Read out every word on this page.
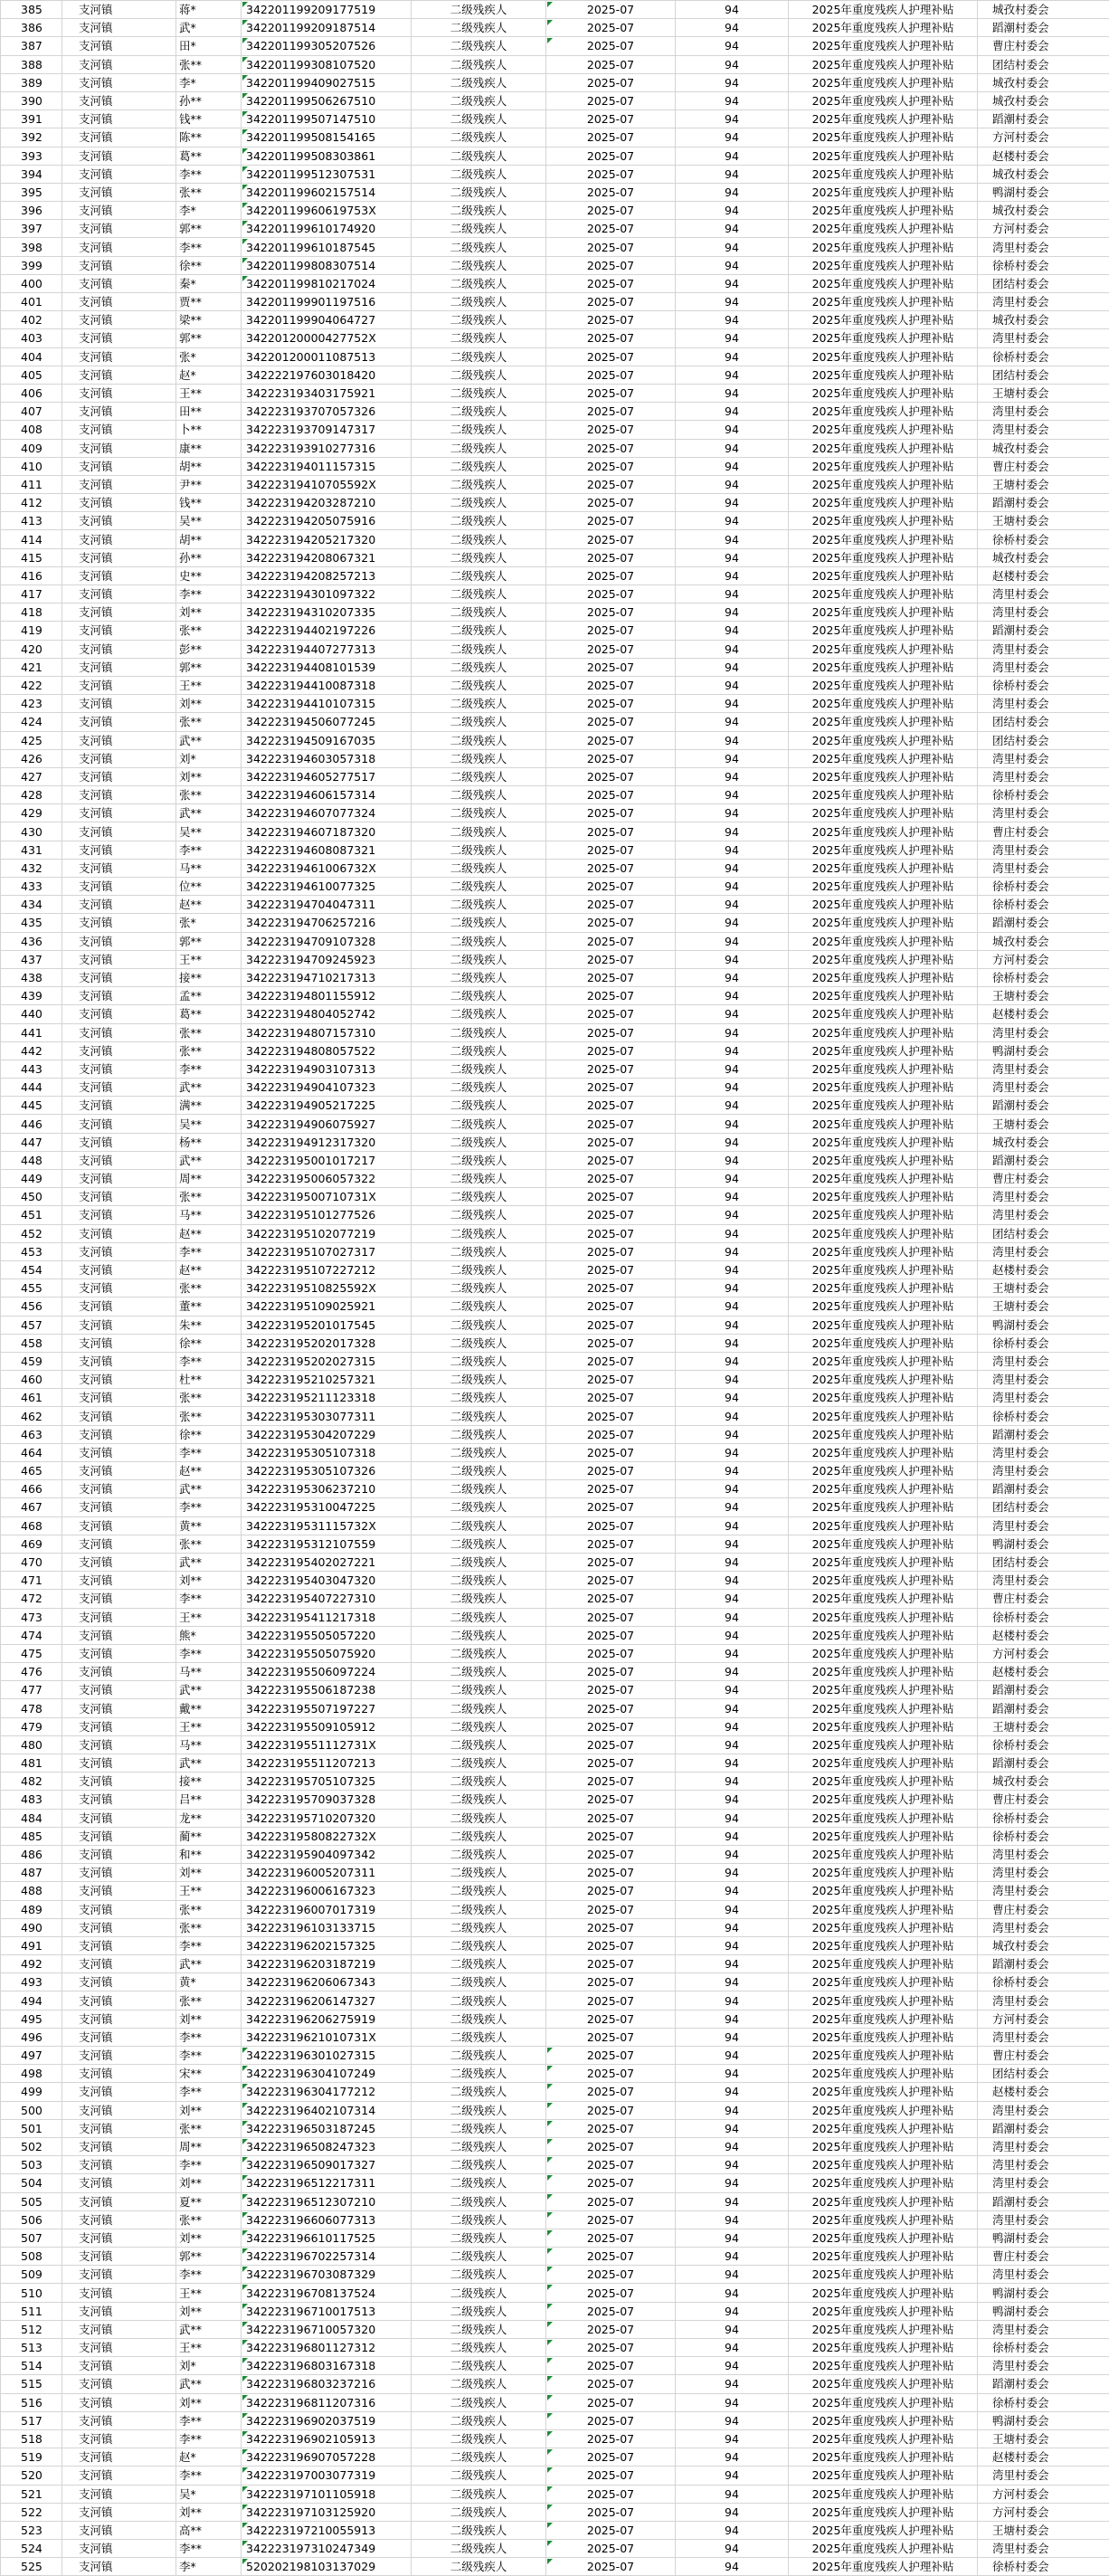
385	支河镇	蒋*	342201199209177519	二级残疾人	2025-07	94	2025年重度残疾人护理补贴	城孜村委会
386	支河镇	武*	342201199209187514	二级残疾人	2025-07	94	2025年重度残疾人护理补贴	蹈潮村委会
387	支河镇	田*	342201199305207526	二级残疾人	2025-07	94	2025年重度残疾人护理补贴	曹庄村委会
388	支河镇	张**	342201199308107520	二级残疾人	2025-07	94	2025年重度残疾人护理补贴	团结村委会
389	支河镇	李*	342201199409027515	二级残疾人	2025-07	94	2025年重度残疾人护理补贴	城孜村委会
390	支河镇	孙**	342201199506267510	二级残疾人	2025-07	94	2025年重度残疾人护理补贴	城孜村委会
391	支河镇	钱**	342201199507147510	二级残疾人	2025-07	94	2025年重度残疾人护理补贴	蹈潮村委会
392	支河镇	陈**	342201199508154165	二级残疾人	2025-07	94	2025年重度残疾人护理补贴	方河村委会
393	支河镇	葛**	342201199508303861	二级残疾人	2025-07	94	2025年重度残疾人护理补贴	赵楼村委会
394	支河镇	李**	342201199512307531	二级残疾人	2025-07	94	2025年重度残疾人护理补贴	城孜村委会
395	支河镇	张**	342201199602157514	二级残疾人	2025-07	94	2025年重度残疾人护理补贴	鸭湖村委会
396	支河镇	李*	34220119960619753X	二级残疾人	2025-07	94	2025年重度残疾人护理补贴	城孜村委会
397	支河镇	郭**	342201199610174920	二级残疾人	2025-07	94	2025年重度残疾人护理补贴	方河村委会
398	支河镇	李**	342201199610187545	二级残疾人	2025-07	94	2025年重度残疾人护理补贴	湾里村委会
399	支河镇	徐**	342201199808307514	二级残疾人	2025-07	94	2025年重度残疾人护理补贴	徐桥村委会
400	支河镇	秦*	342201199810217024	二级残疾人	2025-07	94	2025年重度残疾人护理补贴	团结村委会
401	支河镇	贾**	342201199901197516	二级残疾人	2025-07	94	2025年重度残疾人护理补贴	湾里村委会
402	支河镇	梁**	342201199904064727	二级残疾人	2025-07	94	2025年重度残疾人护理补贴	城孜村委会
403	支河镇	郭**	34220120000427752X	二级残疾人	2025-07	94	2025年重度残疾人护理补贴	湾里村委会
404	支河镇	张*	342201200011087513	二级残疾人	2025-07	94	2025年重度残疾人护理补贴	徐桥村委会
405	支河镇	赵*	342222197603018420	二级残疾人	2025-07	94	2025年重度残疾人护理补贴	团结村委会
406	支河镇	王**	342223193403175921	二级残疾人	2025-07	94	2025年重度残疾人护理补贴	王塘村委会
407	支河镇	田**	342223193707057326	二级残疾人	2025-07	94	2025年重度残疾人护理补贴	湾里村委会
408	支河镇	卜**	342223193709147317	二级残疾人	2025-07	94	2025年重度残疾人护理补贴	湾里村委会
409	支河镇	康**	342223193910277316	二级残疾人	2025-07	94	2025年重度残疾人护理补贴	城孜村委会
410	支河镇	胡**	342223194011157315	二级残疾人	2025-07	94	2025年重度残疾人护理补贴	曹庄村委会
411	支河镇	尹**	34222319410705592X	二级残疾人	2025-07	94	2025年重度残疾人护理补贴	王塘村委会
412	支河镇	钱**	342223194203287210	二级残疾人	2025-07	94	2025年重度残疾人护理补贴	蹈潮村委会
413	支河镇	吴**	342223194205075916	二级残疾人	2025-07	94	2025年重度残疾人护理补贴	王塘村委会
414	支河镇	胡**	342223194205217320	二级残疾人	2025-07	94	2025年重度残疾人护理补贴	徐桥村委会
415	支河镇	孙**	342223194208067321	二级残疾人	2025-07	94	2025年重度残疾人护理补贴	城孜村委会
416	支河镇	史**	342223194208257213	二级残疾人	2025-07	94	2025年重度残疾人护理补贴	赵楼村委会
417	支河镇	李**	342223194301097322	二级残疾人	2025-07	94	2025年重度残疾人护理补贴	湾里村委会
418	支河镇	刘**	342223194310207335	二级残疾人	2025-07	94	2025年重度残疾人护理补贴	湾里村委会
419	支河镇	张**	342223194402197226	二级残疾人	2025-07	94	2025年重度残疾人护理补贴	蹈潮村委会
420	支河镇	彭**	342223194407277313	二级残疾人	2025-07	94	2025年重度残疾人护理补贴	湾里村委会
421	支河镇	郭**	342223194408101539	二级残疾人	2025-07	94	2025年重度残疾人护理补贴	湾里村委会
422	支河镇	王**	342223194410087318	二级残疾人	2025-07	94	2025年重度残疾人护理补贴	徐桥村委会
423	支河镇	刘**	342223194410107315	二级残疾人	2025-07	94	2025年重度残疾人护理补贴	湾里村委会
424	支河镇	张**	342223194506077245	二级残疾人	2025-07	94	2025年重度残疾人护理补贴	团结村委会
425	支河镇	武**	342223194509167035	二级残疾人	2025-07	94	2025年重度残疾人护理补贴	团结村委会
426	支河镇	刘*	342223194603057318	二级残疾人	2025-07	94	2025年重度残疾人护理补贴	湾里村委会
427	支河镇	刘**	342223194605277517	二级残疾人	2025-07	94	2025年重度残疾人护理补贴	湾里村委会
428	支河镇	张**	342223194606157314	二级残疾人	2025-07	94	2025年重度残疾人护理补贴	徐桥村委会
429	支河镇	武**	342223194607077324	二级残疾人	2025-07	94	2025年重度残疾人护理补贴	湾里村委会
430	支河镇	吴**	342223194607187320	二级残疾人	2025-07	94	2025年重度残疾人护理补贴	曹庄村委会
431	支河镇	李**	342223194608087321	二级残疾人	2025-07	94	2025年重度残疾人护理补贴	湾里村委会
432	支河镇	马**	34222319461006732X	二级残疾人	2025-07	94	2025年重度残疾人护理补贴	湾里村委会
433	支河镇	位**	342223194610077325	二级残疾人	2025-07	94	2025年重度残疾人护理补贴	徐桥村委会
434	支河镇	赵**	342223194704047311	二级残疾人	2025-07	94	2025年重度残疾人护理补贴	徐桥村委会
435	支河镇	张*	342223194706257216	二级残疾人	2025-07	94	2025年重度残疾人护理补贴	蹈潮村委会
436	支河镇	郭**	342223194709107328	二级残疾人	2025-07	94	2025年重度残疾人护理补贴	城孜村委会
437	支河镇	王**	342223194709245923	二级残疾人	2025-07	94	2025年重度残疾人护理补贴	方河村委会
438	支河镇	接**	342223194710217313	二级残疾人	2025-07	94	2025年重度残疾人护理补贴	徐桥村委会
439	支河镇	孟**	342223194801155912	二级残疾人	2025-07	94	2025年重度残疾人护理补贴	王塘村委会
440	支河镇	葛**	342223194804052742	二级残疾人	2025-07	94	2025年重度残疾人护理补贴	赵楼村委会
441	支河镇	张**	342223194807157310	二级残疾人	2025-07	94	2025年重度残疾人护理补贴	湾里村委会
442	支河镇	张**	342223194808057522	二级残疾人	2025-07	94	2025年重度残疾人护理补贴	鸭湖村委会
443	支河镇	李**	342223194903107313	二级残疾人	2025-07	94	2025年重度残疾人护理补贴	湾里村委会
444	支河镇	武**	342223194904107323	二级残疾人	2025-07	94	2025年重度残疾人护理补贴	湾里村委会
445	支河镇	满**	342223194905217225	二级残疾人	2025-07	94	2025年重度残疾人护理补贴	蹈潮村委会
446	支河镇	吴**	342223194906075927	二级残疾人	2025-07	94	2025年重度残疾人护理补贴	王塘村委会
447	支河镇	杨**	342223194912317320	二级残疾人	2025-07	94	2025年重度残疾人护理补贴	城孜村委会
448	支河镇	武**	342223195001017217	二级残疾人	2025-07	94	2025年重度残疾人护理补贴	蹈潮村委会
449	支河镇	周**	342223195006057322	二级残疾人	2025-07	94	2025年重度残疾人护理补贴	曹庄村委会
450	支河镇	张**	34222319500710731X	二级残疾人	2025-07	94	2025年重度残疾人护理补贴	湾里村委会
451	支河镇	马**	342223195101277526	二级残疾人	2025-07	94	2025年重度残疾人护理补贴	湾里村委会
452	支河镇	赵**	342223195102077219	二级残疾人	2025-07	94	2025年重度残疾人护理补贴	团结村委会
453	支河镇	李**	342223195107027317	二级残疾人	2025-07	94	2025年重度残疾人护理补贴	湾里村委会
454	支河镇	赵**	342223195107227212	二级残疾人	2025-07	94	2025年重度残疾人护理补贴	赵楼村委会
455	支河镇	张**	34222319510825592X	二级残疾人	2025-07	94	2025年重度残疾人护理补贴	王塘村委会
456	支河镇	董**	342223195109025921	二级残疾人	2025-07	94	2025年重度残疾人护理补贴	王塘村委会
457	支河镇	朱**	342223195201017545	二级残疾人	2025-07	94	2025年重度残疾人护理补贴	鸭湖村委会
458	支河镇	徐**	342223195202017328	二级残疾人	2025-07	94	2025年重度残疾人护理补贴	徐桥村委会
459	支河镇	李**	342223195202027315	二级残疾人	2025-07	94	2025年重度残疾人护理补贴	湾里村委会
460	支河镇	杜**	342223195210257321	二级残疾人	2025-07	94	2025年重度残疾人护理补贴	湾里村委会
461	支河镇	张**	342223195211123318	二级残疾人	2025-07	94	2025年重度残疾人护理补贴	湾里村委会
462	支河镇	张**	342223195303077311	二级残疾人	2025-07	94	2025年重度残疾人护理补贴	徐桥村委会
463	支河镇	徐**	342223195304207229	二级残疾人	2025-07	94	2025年重度残疾人护理补贴	蹈潮村委会
464	支河镇	李**	342223195305107318	二级残疾人	2025-07	94	2025年重度残疾人护理补贴	湾里村委会
465	支河镇	赵**	342223195305107326	二级残疾人	2025-07	94	2025年重度残疾人护理补贴	湾里村委会
466	支河镇	武**	342223195306237210	二级残疾人	2025-07	94	2025年重度残疾人护理补贴	蹈潮村委会
467	支河镇	李**	342223195310047225	二级残疾人	2025-07	94	2025年重度残疾人护理补贴	团结村委会
468	支河镇	黄**	34222319531115732X	二级残疾人	2025-07	94	2025年重度残疾人护理补贴	湾里村委会
469	支河镇	张**	342223195312107559	二级残疾人	2025-07	94	2025年重度残疾人护理补贴	鸭湖村委会
470	支河镇	武**	342223195402027221	二级残疾人	2025-07	94	2025年重度残疾人护理补贴	团结村委会
471	支河镇	刘**	342223195403047320	二级残疾人	2025-07	94	2025年重度残疾人护理补贴	湾里村委会
472	支河镇	李**	342223195407227310	二级残疾人	2025-07	94	2025年重度残疾人护理补贴	曹庄村委会
473	支河镇	王**	342223195411217318	二级残疾人	2025-07	94	2025年重度残疾人护理补贴	徐桥村委会
474	支河镇	熊*	342223195505057220	二级残疾人	2025-07	94	2025年重度残疾人护理补贴	赵楼村委会
475	支河镇	李**	342223195505075920	二级残疾人	2025-07	94	2025年重度残疾人护理补贴	方河村委会
476	支河镇	马**	342223195506097224	二级残疾人	2025-07	94	2025年重度残疾人护理补贴	赵楼村委会
477	支河镇	武**	342223195506187238	二级残疾人	2025-07	94	2025年重度残疾人护理补贴	蹈潮村委会
478	支河镇	戴**	342223195507197227	二级残疾人	2025-07	94	2025年重度残疾人护理补贴	蹈潮村委会
479	支河镇	王**	342223195509105912	二级残疾人	2025-07	94	2025年重度残疾人护理补贴	王塘村委会
480	支河镇	马**	34222319551112731X	二级残疾人	2025-07	94	2025年重度残疾人护理补贴	徐桥村委会
481	支河镇	武**	342223195511207213	二级残疾人	2025-07	94	2025年重度残疾人护理补贴	蹈潮村委会
482	支河镇	接**	342223195705107325	二级残疾人	2025-07	94	2025年重度残疾人护理补贴	城孜村委会
483	支河镇	吕**	342223195709037328	二级残疾人	2025-07	94	2025年重度残疾人护理补贴	曹庄村委会
484	支河镇	龙**	342223195710207320	二级残疾人	2025-07	94	2025年重度残疾人护理补贴	徐桥村委会
485	支河镇	蔺**	34222319580822732X	二级残疾人	2025-07	94	2025年重度残疾人护理补贴	徐桥村委会
486	支河镇	和**	342223195904097342	二级残疾人	2025-07	94	2025年重度残疾人护理补贴	湾里村委会
487	支河镇	刘**	342223196005207311	二级残疾人	2025-07	94	2025年重度残疾人护理补贴	湾里村委会
488	支河镇	王**	342223196006167323	二级残疾人	2025-07	94	2025年重度残疾人护理补贴	湾里村委会
489	支河镇	张**	342223196007017319	二级残疾人	2025-07	94	2025年重度残疾人护理补贴	曹庄村委会
490	支河镇	张**	342223196103133715	二级残疾人	2025-07	94	2025年重度残疾人护理补贴	湾里村委会
491	支河镇	李**	342223196202157325	二级残疾人	2025-07	94	2025年重度残疾人护理补贴	城孜村委会
492	支河镇	武**	342223196203187219	二级残疾人	2025-07	94	2025年重度残疾人护理补贴	蹈潮村委会
493	支河镇	黄*	342223196206067343	二级残疾人	2025-07	94	2025年重度残疾人护理补贴	徐桥村委会
494	支河镇	张**	342223196206147327	二级残疾人	2025-07	94	2025年重度残疾人护理补贴	湾里村委会
495	支河镇	刘**	342223196206275919	二级残疾人	2025-07	94	2025年重度残疾人护理补贴	方河村委会
496	支河镇	李**	34222319621010731X	二级残疾人	2025-07	94	2025年重度残疾人护理补贴	湾里村委会
497	支河镇	李**	342223196301027315	二级残疾人	2025-07	94	2025年重度残疾人护理补贴	曹庄村委会
498	支河镇	宋**	342223196304107249	二级残疾人	2025-07	94	2025年重度残疾人护理补贴	团结村委会
499	支河镇	李**	342223196304177212	二级残疾人	2025-07	94	2025年重度残疾人护理补贴	赵楼村委会
500	支河镇	刘**	342223196402107314	二级残疾人	2025-07	94	2025年重度残疾人护理补贴	湾里村委会
501	支河镇	张**	342223196503187245	二级残疾人	2025-07	94	2025年重度残疾人护理补贴	蹈潮村委会
502	支河镇	周**	342223196508247323	二级残疾人	2025-07	94	2025年重度残疾人护理补贴	湾里村委会
503	支河镇	李**	342223196509017327	二级残疾人	2025-07	94	2025年重度残疾人护理补贴	湾里村委会
504	支河镇	刘**	342223196512217311	二级残疾人	2025-07	94	2025年重度残疾人护理补贴	湾里村委会
505	支河镇	夏**	342223196512307210	二级残疾人	2025-07	94	2025年重度残疾人护理补贴	蹈潮村委会
506	支河镇	张**	342223196606077313	二级残疾人	2025-07	94	2025年重度残疾人护理补贴	湾里村委会
507	支河镇	刘**	342223196610117525	二级残疾人	2025-07	94	2025年重度残疾人护理补贴	鸭湖村委会
508	支河镇	郭**	342223196702257314	二级残疾人	2025-07	94	2025年重度残疾人护理补贴	曹庄村委会
509	支河镇	李**	342223196703087329	二级残疾人	2025-07	94	2025年重度残疾人护理补贴	湾里村委会
510	支河镇	王**	342223196708137524	二级残疾人	2025-07	94	2025年重度残疾人护理补贴	鸭湖村委会
511	支河镇	刘**	342223196710017513	二级残疾人	2025-07	94	2025年重度残疾人护理补贴	鸭湖村委会
512	支河镇	武**	342223196710057320	二级残疾人	2025-07	94	2025年重度残疾人护理补贴	湾里村委会
513	支河镇	王**	342223196801127312	二级残疾人	2025-07	94	2025年重度残疾人护理补贴	徐桥村委会
514	支河镇	刘*	342223196803167318	二级残疾人	2025-07	94	2025年重度残疾人护理补贴	湾里村委会
515	支河镇	武**	342223196803237216	二级残疾人	2025-07	94	2025年重度残疾人护理补贴	蹈潮村委会
516	支河镇	刘**	342223196811207316	二级残疾人	2025-07	94	2025年重度残疾人护理补贴	徐桥村委会
517	支河镇	李**	342223196902037519	二级残疾人	2025-07	94	2025年重度残疾人护理补贴	鸭湖村委会
518	支河镇	李**	342223196902105913	二级残疾人	2025-07	94	2025年重度残疾人护理补贴	王塘村委会
519	支河镇	赵*	342223196907057228	二级残疾人	2025-07	94	2025年重度残疾人护理补贴	赵楼村委会
520	支河镇	李**	342223197003077319	二级残疾人	2025-07	94	2025年重度残疾人护理补贴	湾里村委会
521	支河镇	吴*	342223197101105918	二级残疾人	2025-07	94	2025年重度残疾人护理补贴	方河村委会
522	支河镇	刘**	342223197103125920	二级残疾人	2025-07	94	2025年重度残疾人护理补贴	方河村委会
523	支河镇	高**	342223197210055913	二级残疾人	2025-07	94	2025年重度残疾人护理补贴	王塘村委会
524	支河镇	李**	342223197310247349	二级残疾人	2025-07	94	2025年重度残疾人护理补贴	湾里村委会
525	支河镇	李*	520202198103137029	二级残疾人	2025-07	94	2025年重度残疾人护理补贴	徐桥村委会
